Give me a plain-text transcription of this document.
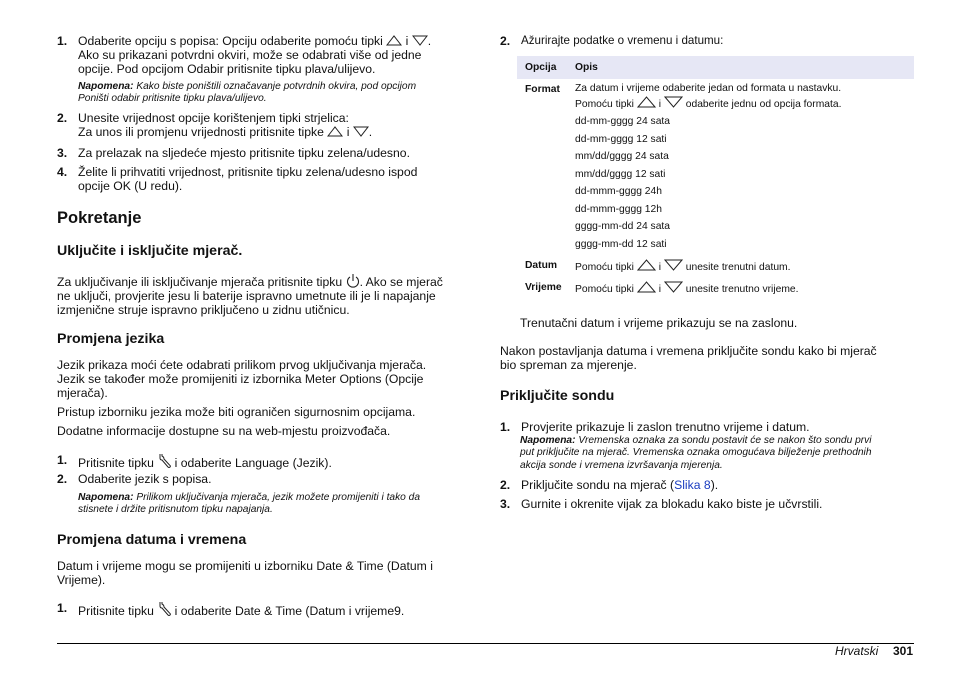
1. Odaberite opciju s popisa: Opciju odaberite pomoću tipki i .
Ako su prikazani potvrdni okviri, može se odabrati više od jedne
opcije. Pod opcijom Odabir pritisnite tipku plava/ulijevo.
Napomena: Kako biste poništili označavanje potvrdnih okvira, pod opcijom
Poništi odabir pritisnite tipku plava/ulijevo.
2. Unesite vrijednost opcije korištenjem tipki strjelica:
Za unos ili promjenu vrijednosti pritisnite tipke i .
3. Za prelazak na sljedeće mjesto pritisnite tipku zelena/udesno.
4. Želite li prihvatiti vrijednost, pritisnite tipku zelena/udesno ispod
opcije OK (U redu).
Pokretanje
Uključite i isključite mjerač.
Za uključivanje ili isključivanje mjerača pritisnite tipku . Ako se mjerač
ne uključi, provjerite jesu li baterije ispravno umetnute ili je li napajanje
izmjenične struje ispravno priključeno u zidnu utičnicu.
Promjena jezika
Jezik prikaza moći ćete odabrati prilikom prvog uključivanja mjerača.
Jezik se također može promijeniti iz izbornika Meter Options (Opcije
mjerača).
Pristup izborniku jezika može biti ograničen sigurnosnim opcijama.
Dodatne informacije dostupne su na web-mjestu proizvođača.
1. Pritisnite tipku i odaberite Language (Jezik).
2. Odaberite jezik s popisa.
Napomena: Prilikom uključivanja mjerača, jezik možete promijeniti i tako da
stisnete i držite pritisnutom tipku napajanja.
Promjena datuma i vremena
Datum i vrijeme mogu se promijeniti u izborniku Date & Time (Datum i
Vrijeme).
1. Pritisnite tipku i odaberite Date & Time (Datum i vrijeme9.
2. Ažurirajte podatke o vremenu i datumu:
Opcija Opis
Format Za datum i vrijeme odaberite jedan od formata u nastavku.
Pomoću tipki i odaberite jednu od opcija formata.
dd-mm-gggg 24 sata
dd-mm-gggg 12 sati
mm/dd/gggg 24 sata
mm/dd/gggg 12 sati
dd-mmm-gggg 24h
dd-mmm-gggg 12h
gggg-mm-dd 24 sata
gggg-mm-dd 12 sati
Datum Pomoću tipki i unesite trenutni datum.
Vrijeme Pomoću tipki i unesite trenutno vrijeme.
Trenutačni datum i vrijeme prikazuju se na zaslonu.
Nakon postavljanja datuma i vremena priključite sondu kako bi mjerač
bio spreman za mjerenje.
Priključite sondu
1. Provjerite prikazuje li zaslon trenutno vrijeme i datum.
Napomena: Vremenska oznaka za sondu postavit će se nakon što sondu prvi
put priključite na mjerač. Vremenska oznaka omogućava bilježenje prethodnih
akcija sonde i vremena izvršavanja mjerenja.
2. Priključite sondu na mjerač (Slika 8).
3. Gurnite i okrenite vijak za blokadu kako biste je učvrstili.
Hrvatski 301
